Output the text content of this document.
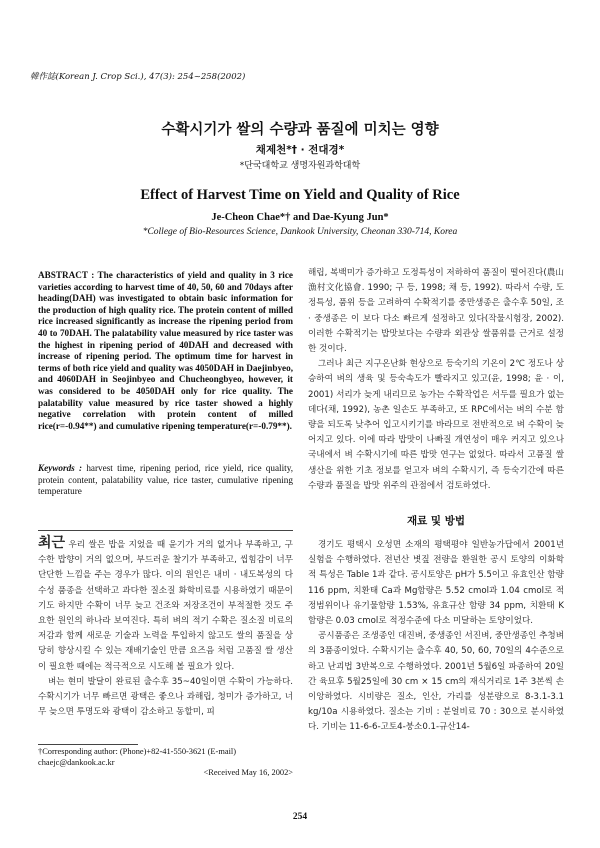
韓作誌(Korean J. Crop Sci.), 47(3): 254~258(2002)
수확시기가 쌀의 수량과 품질에 미치는 영향
채제천*† · 전대경*
*단국대학교 생명자원과학대학
Effect of Harvest Time on Yield and Quality of Rice
Je-Cheon Chae*† and Dae-Kyung Jun*
*College of Bio-Resources Science, Dankook University, Cheonan 330-714, Korea
ABSTRACT : The characteristics of yield and quality in 3 rice varieties according to harvest time of 40, 50, 60 and 70days after heading(DAH) was investigated to obtain basic information for the production of high quality rice. The protein content of milled rice increased significantly as increase the ripening period from 40 to 70DAH. The palatability value measured by rice taster was the highest in ripening period of 40DAH and decreased with increase of ripening period. The optimum time for harvest in terms of both rice yield and quality was 4050DAH in Daejinbyeo, and 4060DAH in Seojinbyeo and Chucheongbyeo, however, it was considered to be 4050DAH only for rice quality. The palatability value measured by rice taster showed a highly negative correlation with protein content of milled rice(r=-0.94**) and cumulative ripening temperature(r=-0.79**).
Keywords : harvest time, ripening period, rice yield, rice quality, protein content, palatability value, rice taster, cumulative ripening temperature

최근 우리 쌀은 밥을 지었을 때 윤기가 거의 없거나 부족하고, 구수한 밥향이 거의 없으며, 부드러운 찰기가 부족하고, 씹힘감이 너무 단단한 느낌을 주는 경우가 많다. 이의 원인은 내비 · 내도복성의 다수성 품종을 선택하고 과다한 질소질 화학비료를 시용하였기 때문이기도 하지만 수확이 너무 늦고 건조와 저장조건이 부적절한 것도 주요한 원인의 하나라 보여진다. 특히 벼의 적기 수확은 질소질 비료의 저감과 함께 새로운 기술과 노력을 투입하지 않고도 쌀의 품질을 상당히 향상시킬 수 있는 재배기술인 만큼 요즈음 처럼 고품질 쌀 생산이 필요한 때에는 적극적으로 시도해 볼 필요가 있다.

벼는 현미 발달이 완료된 출수후 35~40일이면 수확이 가능하다. 수확시기가 너무 빠르면 광택은 좋으나 과해립, 청미가 증가하고, 너무 늦으면 투명도와 광택이 감소하고 동할미, 피

†Corresponding author: (Phone)+82-41-550-3621 (E-mail) chaejc@dankook.ac.kr
<Received May 16, 2002>

해립, 복백미가 증가하고 도정특성이 저하하여 품질이 떨어진다(農山漁村文化協會. 1990; 구 등, 1998; 채 등, 1992). 따라서 수량, 도정특성, 품위 등을 고려하여 수확적기를 중만생종은 출수후 50일, 조 · 중생종은 이 보다 다소 빠르게 설정하고 있다(작물시험장, 2002). 이러한 수확적기는 밥맛보다는 수량과 외관상 쌀품위를 근거로 설정한 것이다.

그러나 최근 지구온난화 현상으로 등숙기의 기온이 2℃ 정도나 상승하여 벼의 생육 및 등숙속도가 빨라지고 있고(윤, 1998; 윤 · 이, 2001) 서리가 늦게 내리므로 농가는 수확작업은 서두를 필요가 없는데다(채, 1992), 농촌 일손도 부족하고, 또 RPC에서는 벼의 수분 함량을 되도록 낮추어 입고시키기를 바라므로 전반적으로 벼 수확이 늦어지고 있다. 이에 따라 밥맛이 나빠질 개연성이 매우 커지고 있으나 국내에서 벼 수확시기에 따른 밥맛 연구는 없었다. 따라서 고품질 쌀생산을 위한 기초 정보를 얻고자 벼의 수확시기, 즉 등숙기간에 따른 수량과 품질을 밥맛 위주의 관점에서 검토하였다.

재료 및 방법

경기도 평택시 오성면 소재의 평택평야 일반농가답에서 2001년 실험을 수행하였다. 전년산 볏짚 전량을 환원한 공시 토양의 이화학적 특성은 Table 1과 같다. 공시토양은 pH가 5.5이고 유효인산 함량 116 ppm, 치환태 Ca과 Mg함량은 5.52 cmol과 1.04 cmol로 적정범위이나 유기물함량 1.53%, 유효규산 함량 34 ppm, 치환태 K함량은 0.03 cmol로 적정수준에 다소 미달하는 토양이었다.

공시품종은 조생종인 대진벼, 중생종인 서진벼, 중만생종인 추청벼의 3품종이었다. 수확시기는 출수후 40, 50, 60, 70일의 4수준으로 하고 난괴법 3반복으로 수행하였다. 2001년 5월6일 파종하여 20일간 육묘후 5월25일에 30 cm × 15 cm의 재식거리로 1주 3본씩 손이앙하였다. 시비량은 질소, 인산, 가리를 성분량으로 8-3.1-3.1 kg/10a 시용하였다. 질소는 기비 : 분얼비료 70 : 30으로 분시하였다. 기비는 11-6-6-고토4-붕소0.1-규산14-

254
